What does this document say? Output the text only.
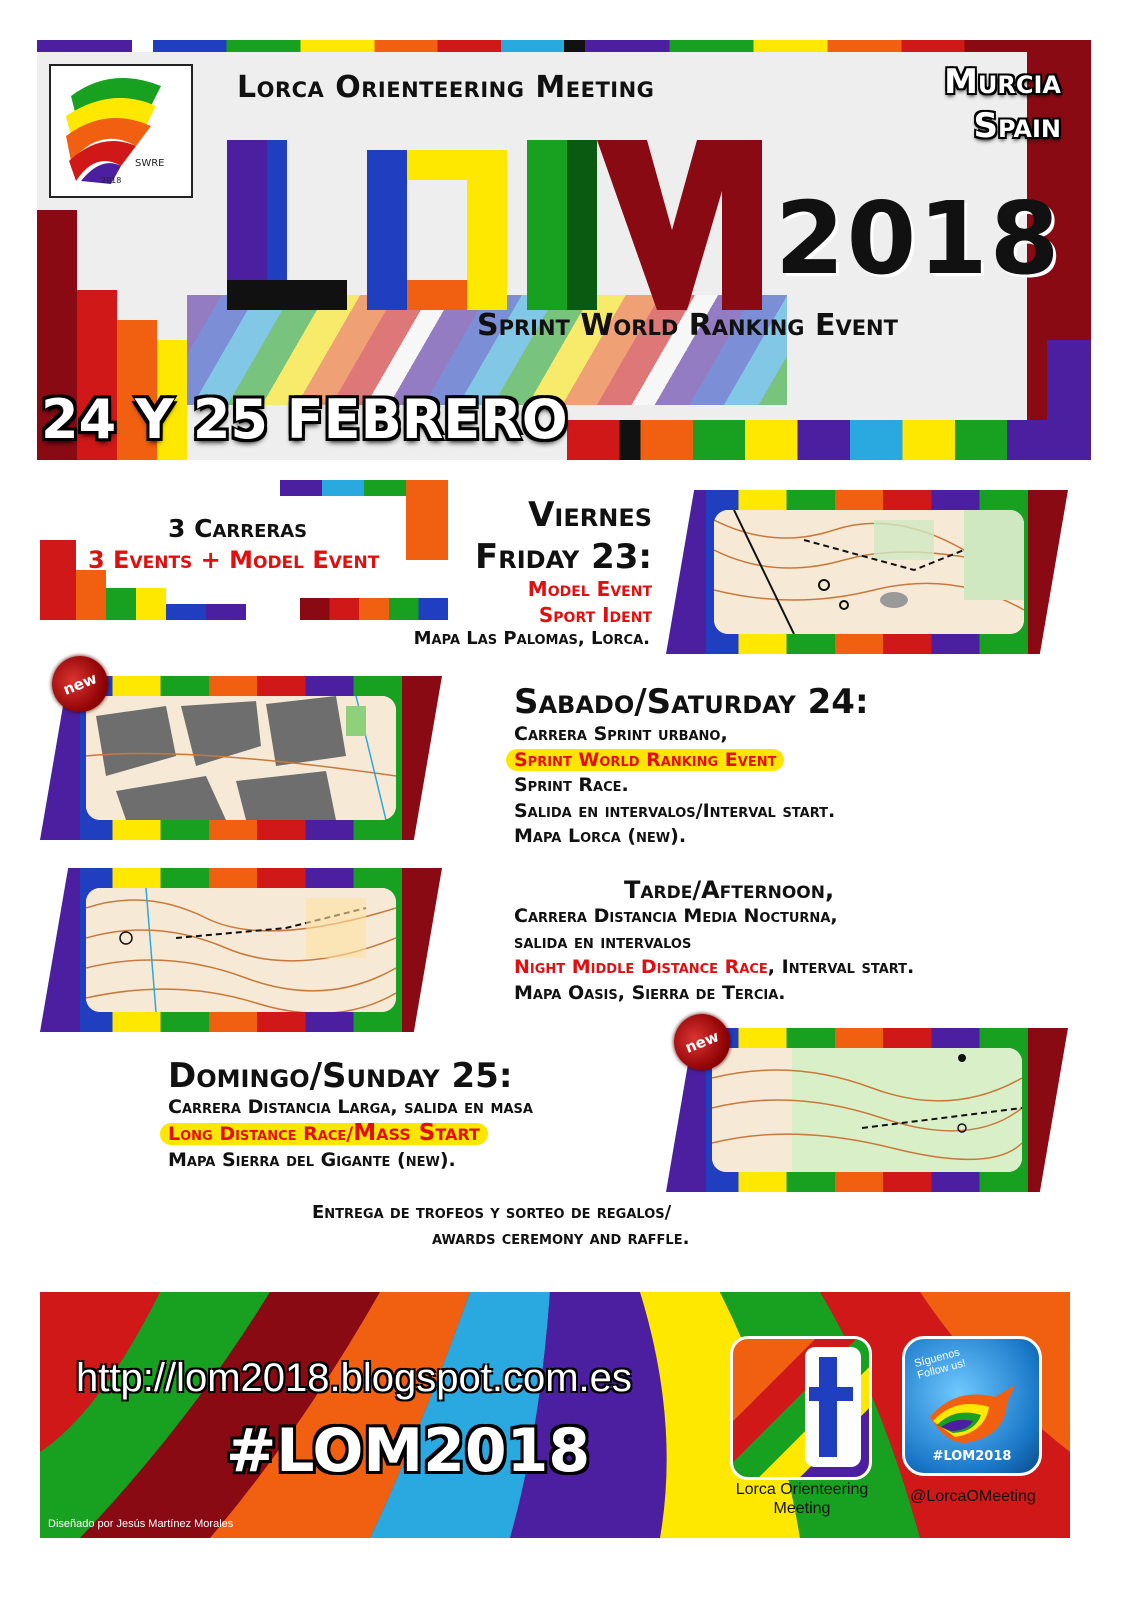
SWRE
2018
Lorca Orienteering Meeting	Murcia
Spain
2018
Sprint World Ranking Event
24 Y 25 FEBRERO
3 Carreras
3 Events + Model Event
Viernes
Friday 23:
Model Event
Sport Ident
Mapa Las Palomas, Lorca.
new	Sabado/Saturday 24:
Carrera Sprint urbano,
Sprint World Ranking Event
Sprint Race.
Salida en intervalos/Interval start.
Mapa Lorca (new).
Tarde/Afternoon,
Carrera Distancia Media Nocturna,
salida en intervalos
Night Middle Distance Race, Interval start.
Mapa Oasis, Sierra de Tercia.
Domingo/Sunday 25:
Carrera Distancia Larga, salida en masa
Long Distance Race/Mass Start
Mapa Sierra del Gigante (new).
new
Entrega de trofeos y sorteo de regalos/
awards ceremony and raffle.
http://lom2018.blogspot.com.es
#LOM2018
Lorca Orienteering Meeting
Síguenos Follow us!
#LOM2018
@LorcaOMeeting
Diseñado por Jesús Martínez Morales
